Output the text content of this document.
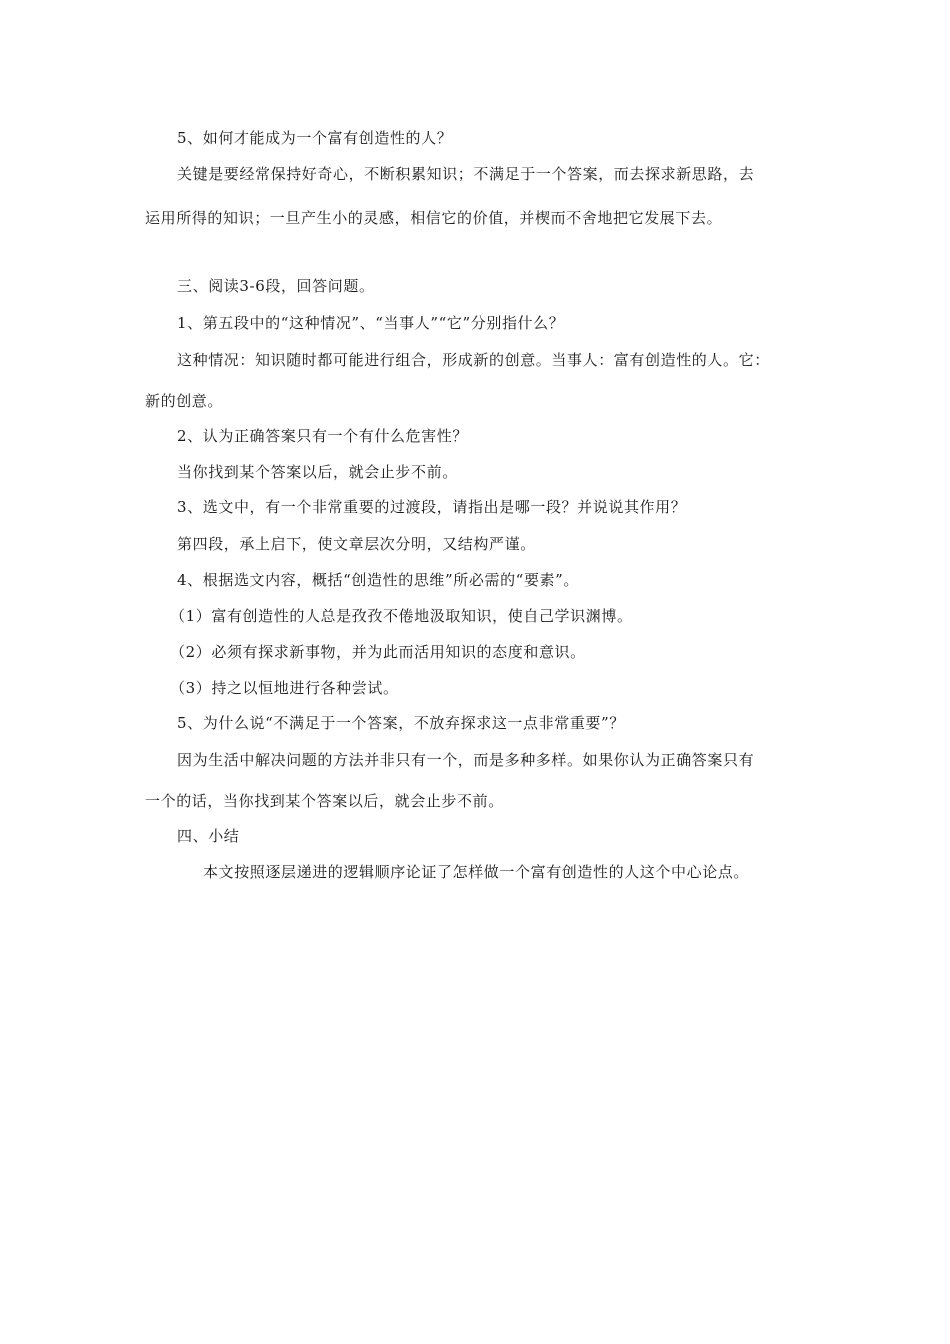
5、如何才能成为一个富有创造性的人？
关键是要经常保持好奇心，不断积累知识；不满足于一个答案，而去探求新思路，去
运用所得的知识；一旦产生小的灵感，相信它的价值，并楔而不舍地把它发展下去。
三、阅读3-6段，回答问题。
1、第五段中的“这种情况”、“当事人”“它”分别指什么？
这种情况：知识随时都可能进行组合，形成新的创意。当事人：富有创造性的人。它：
新的创意。
2、认为正确答案只有一个有什么危害性？
当你找到某个答案以后，就会止步不前。
3、选文中，有一个非常重要的过渡段，请指出是哪一段？并说说其作用？
第四段，承上启下，使文章层次分明，又结构严谨。
4、根据选文内容，概括“创造性的思维”所必需的“要素”。
（1）富有创造性的人总是孜孜不倦地汲取知识，使自己学识渊博。
（2）必须有探求新事物，并为此而活用知识的态度和意识。
（3）持之以恒地进行各种尝试。
5、为什么说“不满足于一个答案，不放弃探求这一点非常重要”？
因为生活中解决问题的方法并非只有一个，而是多种多样。如果你认为正确答案只有
一个的话，当你找到某个答案以后，就会止步不前。
四、小结
本文按照逐层递进的逻辑顺序论证了怎样做一个富有创造性的人这个中心论点。
